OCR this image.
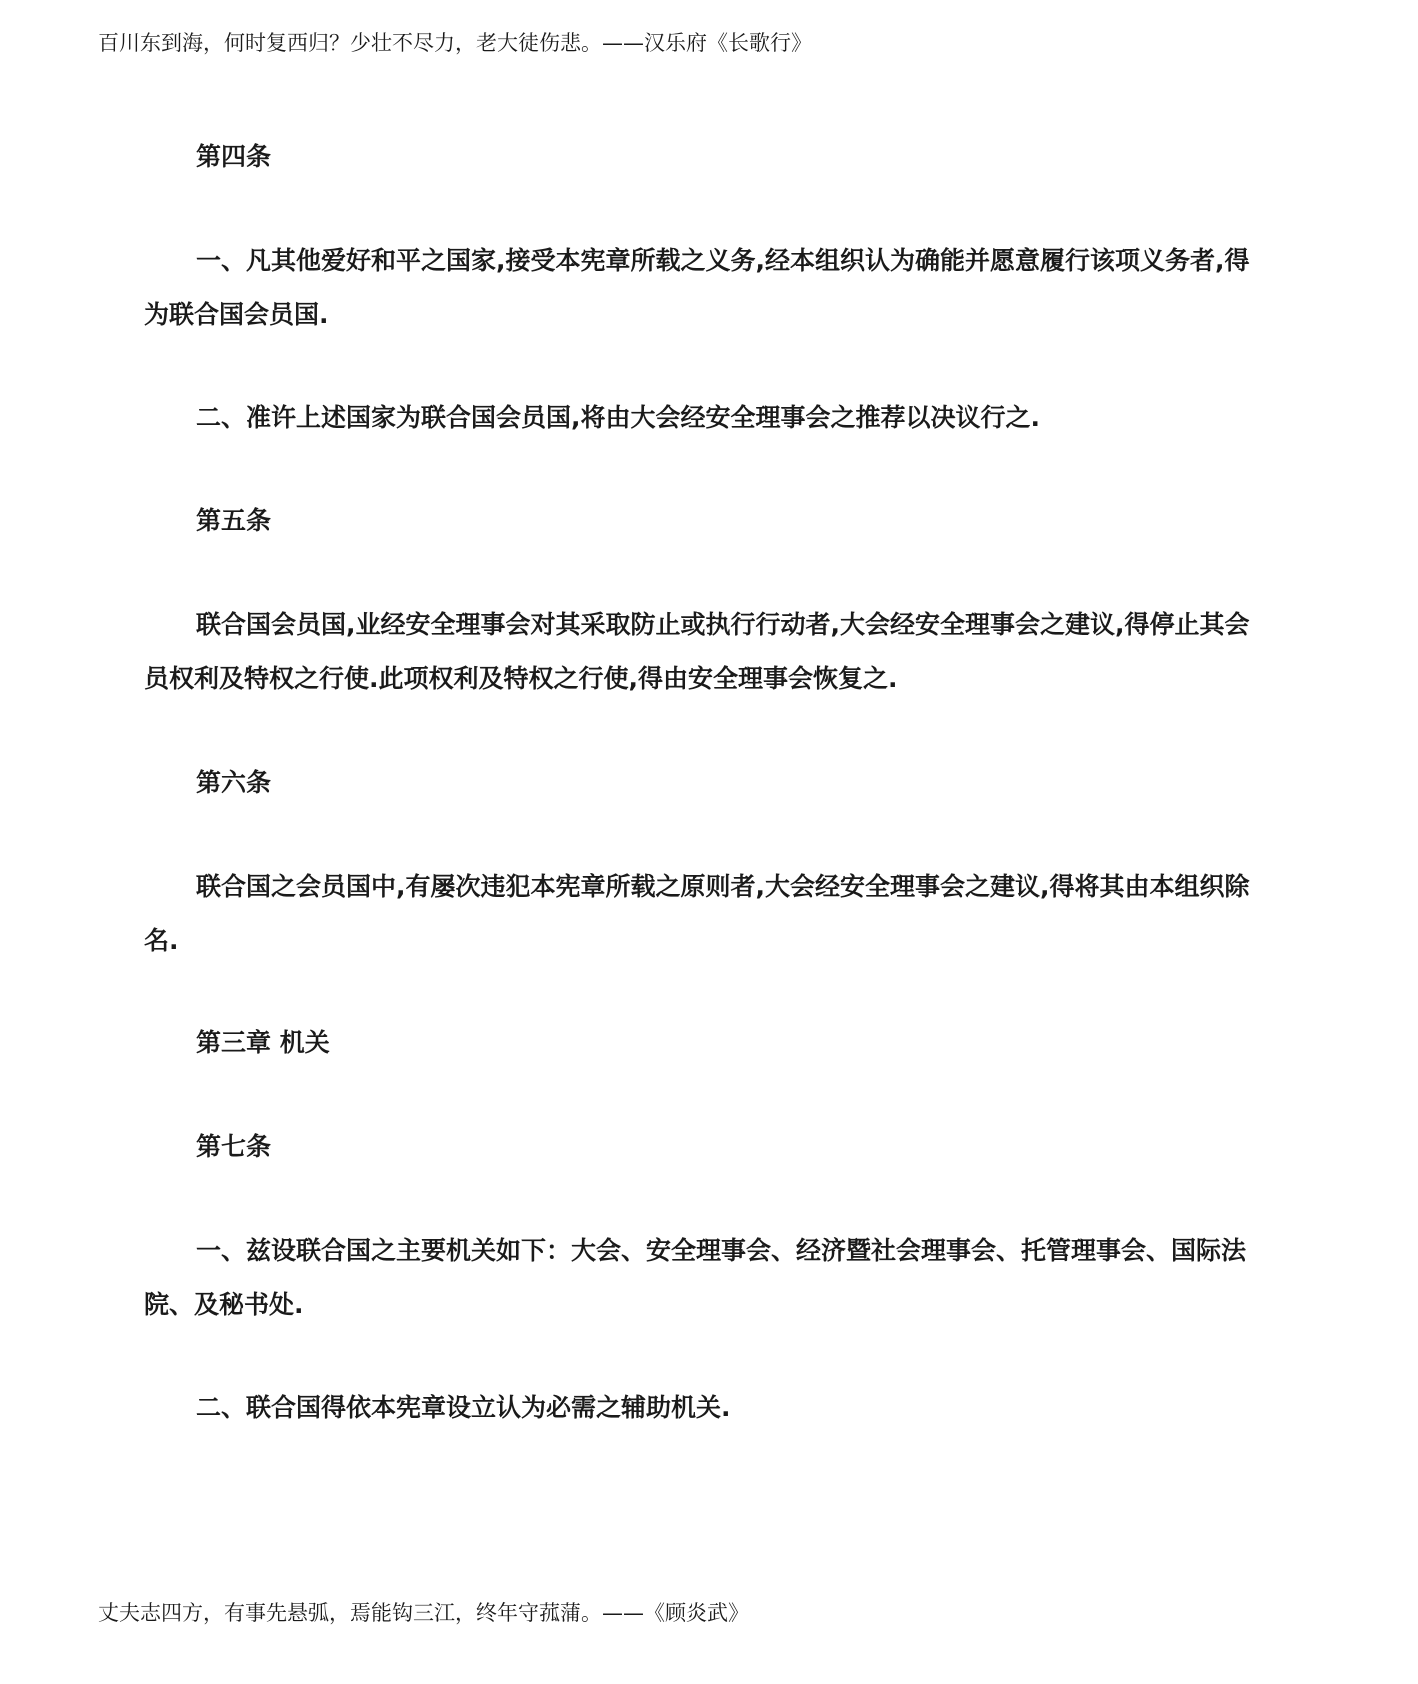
百川东到海，何时复西归？少壮不尽力，老大徒伤悲。——汉乐府《长歌行》

第四条

一、凡其他爱好和平之国家,接受本宪章所载之义务,经本组织认为确能并愿意履行该项义务者,得为联合国会员国.

二、准许上述国家为联合国会员国,将由大会经安全理事会之推荐以决议行之.

第五条

联合国会员国,业经安全理事会对其采取防止或执行行动者,大会经安全理事会之建议,得停止其会员权利及特权之行使.此项权利及特权之行使,得由安全理事会恢复之.

第六条

联合国之会员国中,有屡次违犯本宪章所载之原则者,大会经安全理事会之建议,得将其由本组织除名.

第三章 机关

第七条

一、兹设联合国之主要机关如下：大会、安全理事会、经济暨社会理事会、托管理事会、国际法院、及秘书处.

二、联合国得依本宪章设立认为必需之辅助机关.

丈夫志四方，有事先悬弧，焉能钩三江，终年守菰蒲。——《顾炎武》
